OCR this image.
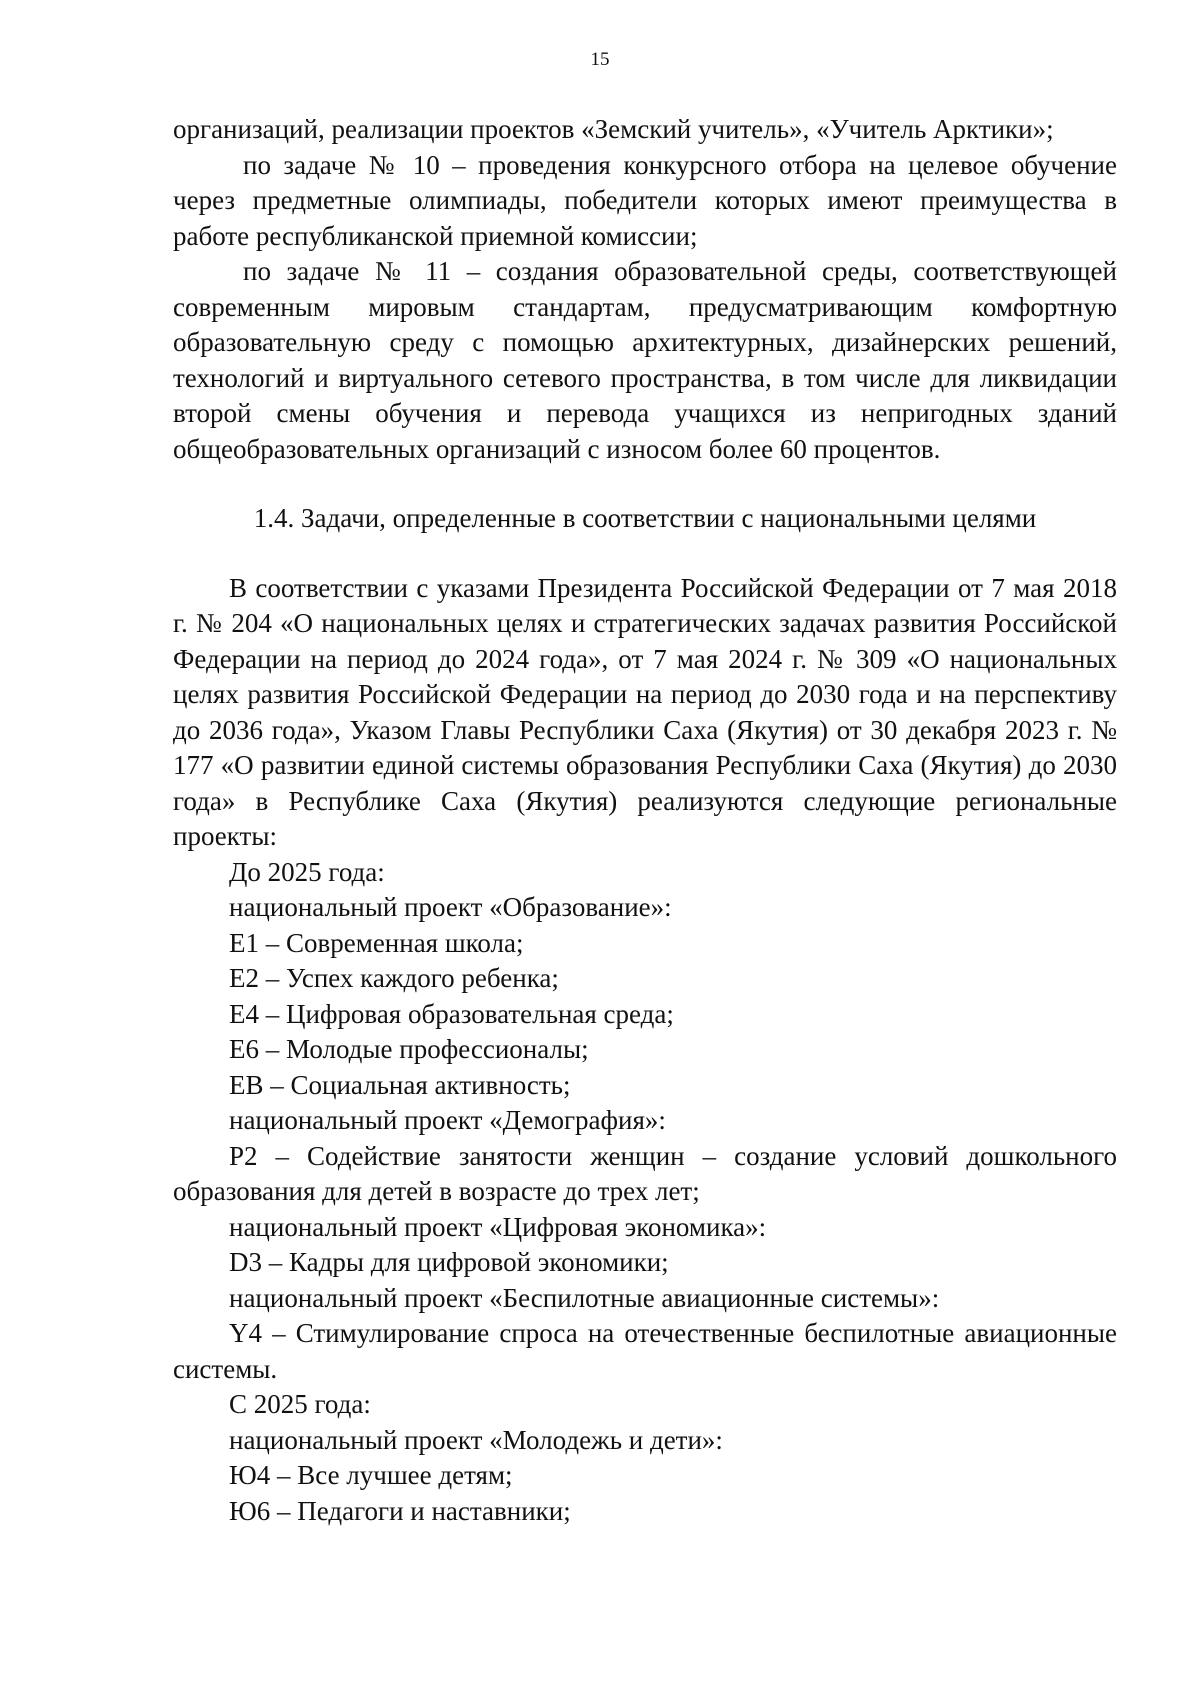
15

организаций, реализации проектов «Земский учитель», «Учитель Арктики»;

по задаче № 10 – проведения конкурсного отбора на целевое обучение через предметные олимпиады, победители которых имеют преимущества в работе республиканской приемной комиссии;

по задаче № 11 – создания образовательной среды, соответствующей современным мировым стандартам, предусматривающим комфортную образовательную среду с помощью архитектурных, дизайнерских решений, технологий и виртуального сетевого пространства, в том числе для ликвидации второй смены обучения и перевода учащихся из непригодных зданий общеобразовательных организаций с износом более 60 процентов.

1.4. Задачи, определенные в соответствии с национальными целями

В соответствии с указами Президента Российской Федерации от 7 мая 2018 г. № 204 «О национальных целях и стратегических задачах развития Российской Федерации на период до 2024 года», от 7 мая 2024 г. № 309 «О национальных целях развития Российской Федерации на период до 2030 года и на перспективу до 2036 года», Указом Главы Республики Саха (Якутия) от 30 декабря 2023 г. № 177 «О развитии единой системы образования Республики Саха (Якутия) до 2030 года» в Республике Саха (Якутия) реализуются следующие региональные проекты:

До 2025 года:

национальный проект «Образование»:

Е1 – Современная школа;

Е2 – Успех каждого ребенка;

Е4 – Цифровая образовательная среда;

Е6 – Молодые профессионалы;

ЕВ – Социальная активность;

национальный проект «Демография»:

Р2 – Содействие занятости женщин – создание условий дошкольного образования для детей в возрасте до трех лет;

национальный проект «Цифровая экономика»:

D3 – Кадры для цифровой экономики;

национальный проект «Беспилотные авиационные системы»:

Y4 – Стимулирование спроса на отечественные беспилотные авиационные системы.

С 2025 года:

национальный проект «Молодежь и дети»:

Ю4 – Все лучшее детям;

Ю6 – Педагоги и наставники;
